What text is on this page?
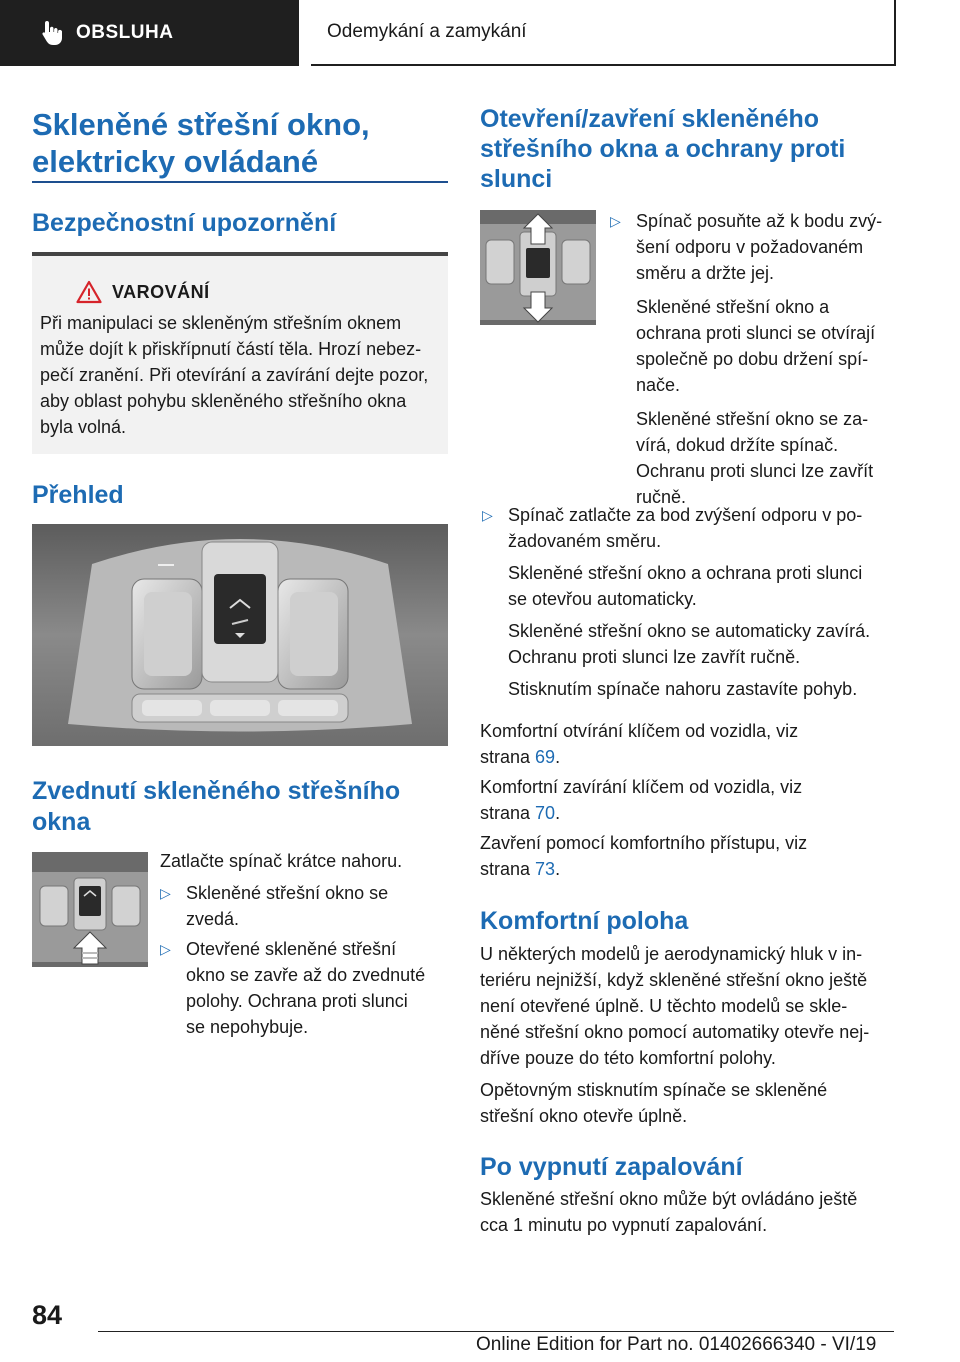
OBSLUHA	Odemykání a zamykání
Skleněné střešní okno,
elektricky ovládané
Bezpečnostní upozornění
VAROVÁNÍ
Při manipulaci se skleněným střešním oknem
může dojít k přiskřípnutí částí těla. Hrozí nebez-
pečí zranění. Při otevírání a zavírání dejte pozor,
aby oblast pohybu skleněného střešního okna
byla volná.
Přehled
Zvednutí skleněného střešního
okna
Zatlačte spínač krátce nahoru.
▷ Skleněné střešní okno se
zvedá.
▷ Otevřené skleněné střešní
okno se zavře až do zvednuté
polohy. Ochrana proti slunci
se nepohybuje.
Otevření/zavření skleněného
střešního okna a ochrany proti
slunci
▷ Spínač posuňte až k bodu zvý-
šení odporu v požadovaném
směru a držte jej.
Skleněné střešní okno a
ochrana proti slunci se otvírají
společně po dobu držení spí-
nače.
Skleněné střešní okno se za-
vírá, dokud držíte spínač.
Ochranu proti slunci lze zavřít
ručně.
▷ Spínač zatlačte za bod zvýšení odporu v po-
žadovaném směru.
Skleněné střešní okno a ochrana proti slunci
se otevřou automaticky.
Skleněné střešní okno se automaticky zavírá.
Ochranu proti slunci lze zavřít ručně.
Stisknutím spínače nahoru zastavíte pohyb.
Komfortní otvírání klíčem od vozidla, viz
strana 69.
Komfortní zavírání klíčem od vozidla, viz
strana 70.
Zavření pomocí komfortního přístupu, viz
strana 73.
Komfortní poloha
U některých modelů je aerodynamický hluk v in-
teriéru nejnižší, když skleněné střešní okno ještě
není otevřené úplně. U těchto modelů se skle-
něné střešní okno pomocí automatiky otevře nej-
dříve pouze do této komfortní polohy.
Opětovným stisknutím spínače se skleněné
střešní okno otevře úplně.
Po vypnutí zapalování
Skleněné střešní okno může být ovládáno ještě
cca 1 minutu po vypnutí zapalování.
84
Online Edition for Part no. 01402666340 - VI/19
